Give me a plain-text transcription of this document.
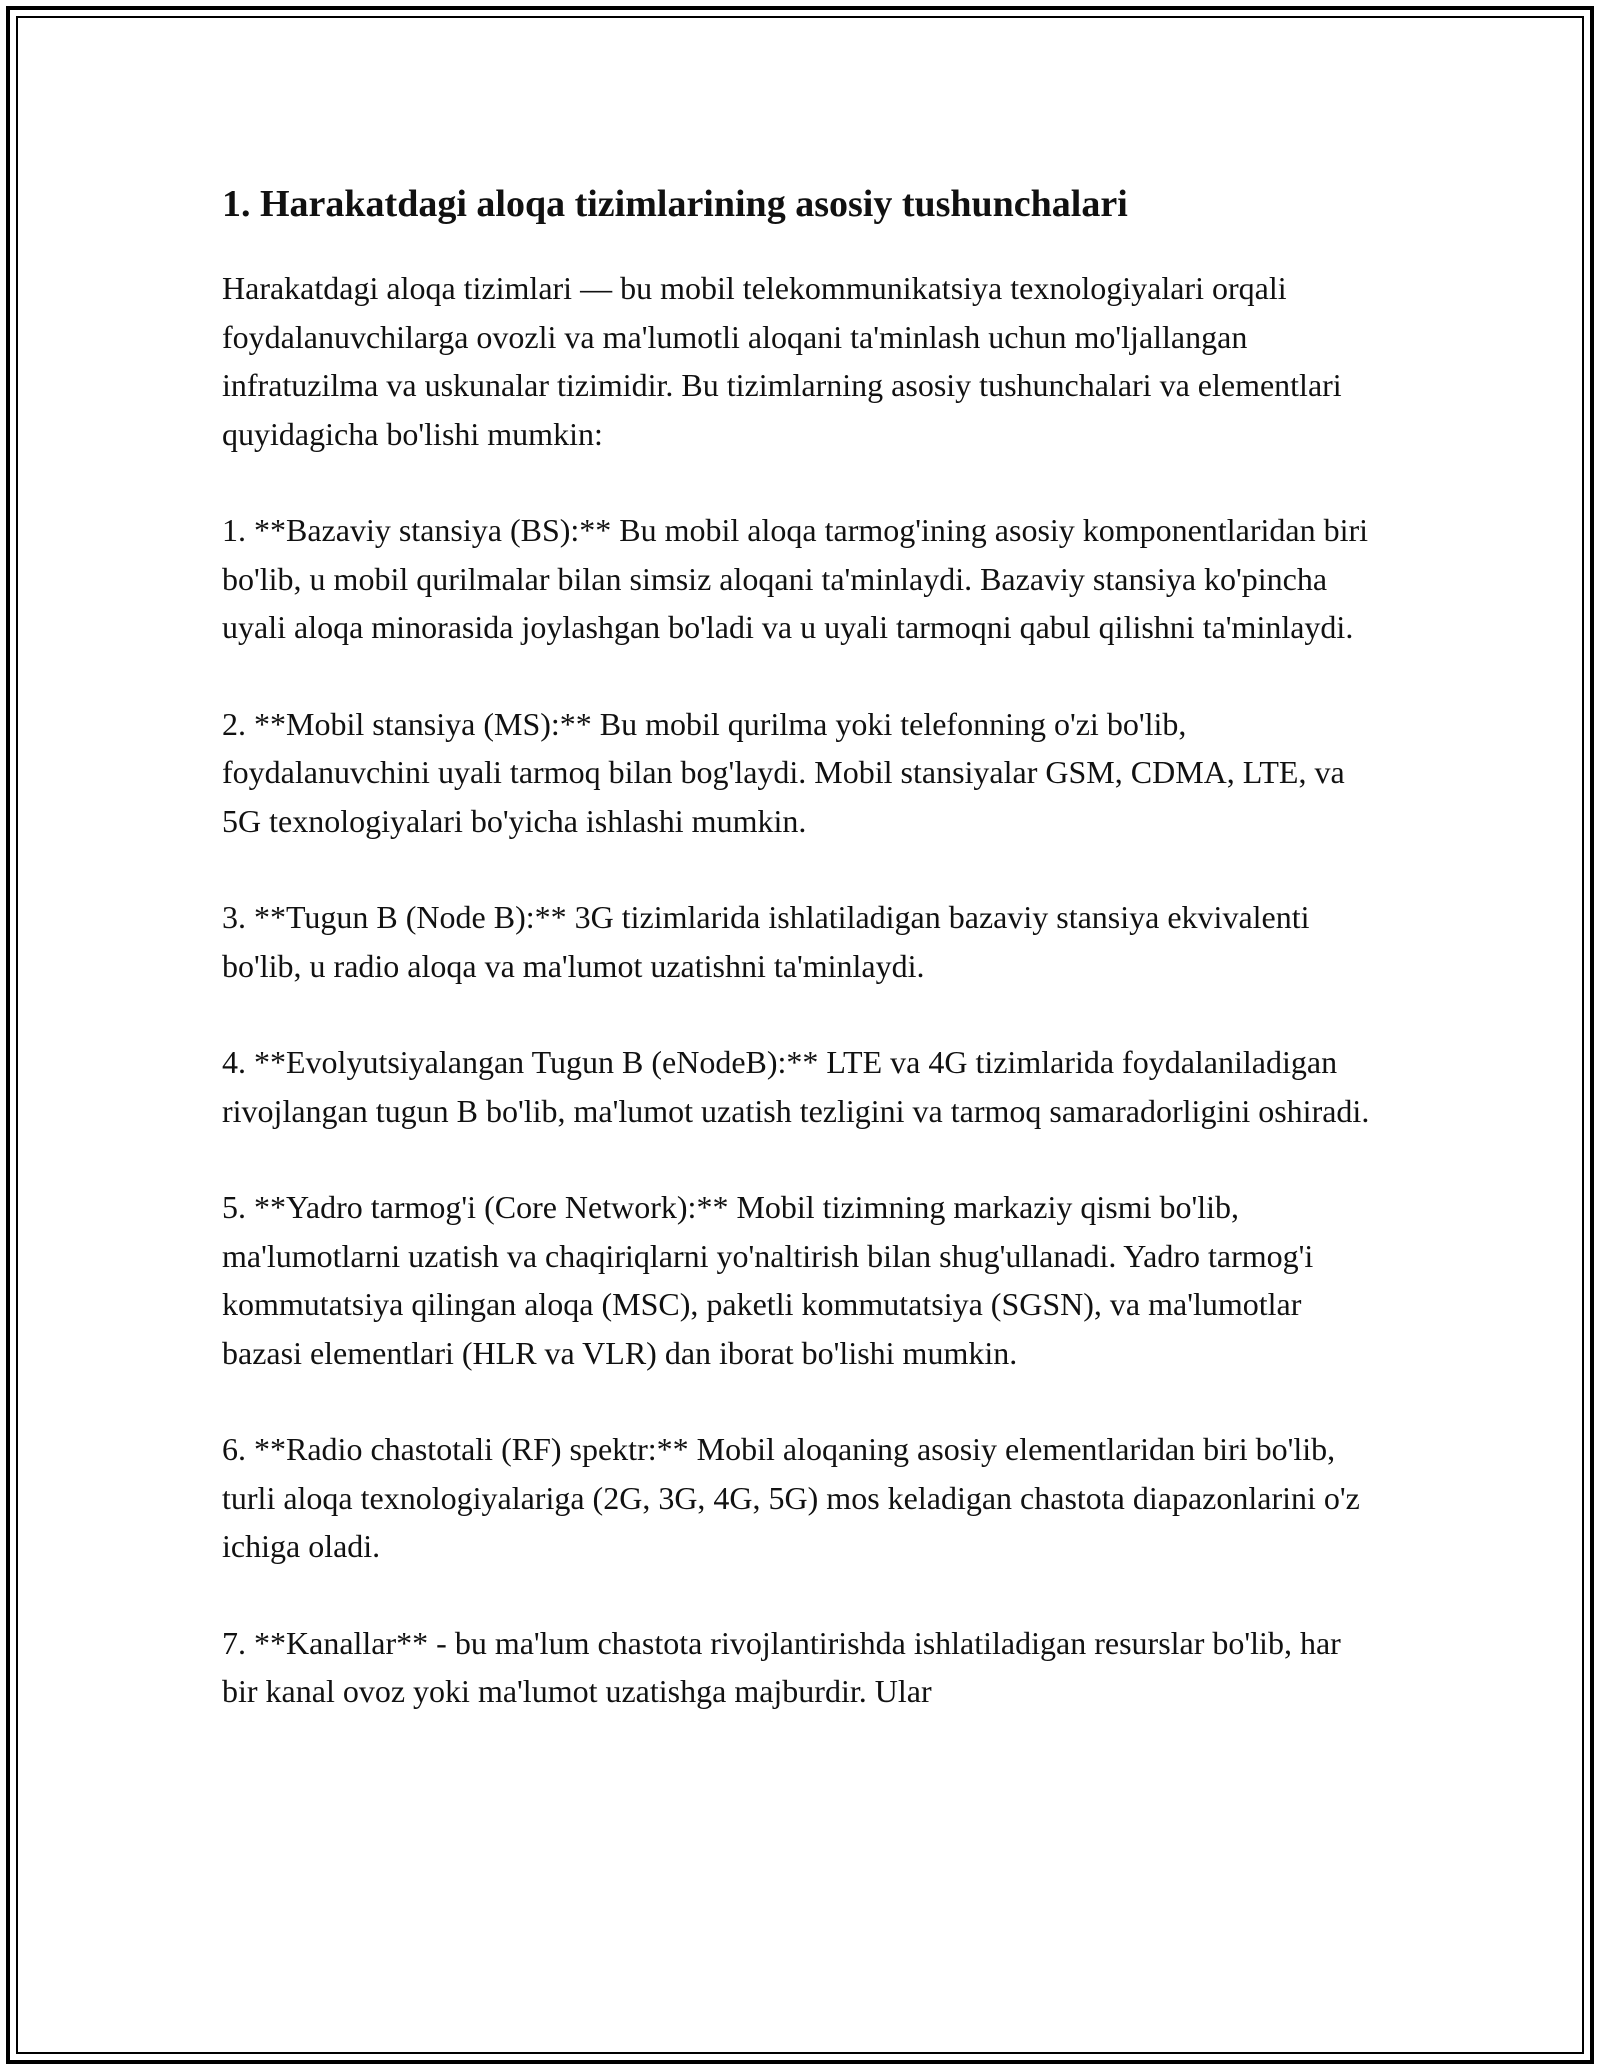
1. Harakatdagi aloqa tizimlarining asosiy tushunchalari

Harakatdagi aloqa tizimlari — bu mobil telekommunikatsiya texnologiyalari orqali foydalanuvchilarga ovozli va ma'lumotli aloqani ta'minlash uchun mo'ljallangan infratuzilma va uskunalar tizimidir. Bu tizimlarning asosiy tushunchalari va elementlari quyidagicha bo'lishi mumkin:

1. **Bazaviy stansiya (BS):** Bu mobil aloqa tarmog'ining asosiy komponentlaridan biri bo'lib, u mobil qurilmalar bilan simsiz aloqani ta'minlaydi. Bazaviy stansiya ko'pincha uyali aloqa minorasida joylashgan bo'ladi va u uyali tarmoqni qabul qilishni ta'minlaydi.

2. **Mobil stansiya (MS):** Bu mobil qurilma yoki telefonning o'zi bo'lib, foydalanuvchini uyali tarmoq bilan bog'laydi. Mobil stansiyalar GSM, CDMA, LTE, va 5G texnologiyalari bo'yicha ishlashi mumkin.

3. **Tugun B (Node B):** 3G tizimlarida ishlatiladigan bazaviy stansiya ekvivalenti bo'lib, u radio aloqa va ma'lumot uzatishni ta'minlaydi.

4. **Evolyutsiyalangan Tugun B (eNodeB):** LTE va 4G tizimlarida foydalaniladigan rivojlangan tugun B bo'lib, ma'lumot uzatish tezligini va tarmoq samaradorligini oshiradi.

5. **Yadro tarmog'i (Core Network):** Mobil tizimning markaziy qismi bo'lib, ma'lumotlarni uzatish va chaqiriqlarni yo'naltirish bilan shug'ullanadi. Yadro tarmog'i kommutatsiya qilingan aloqa (MSC), paketli kommutatsiya (SGSN), va ma'lumotlar bazasi elementlari (HLR va VLR) dan iborat bo'lishi mumkin.

6. **Radio chastotali (RF) spektr:** Mobil aloqaning asosiy elementlaridan biri bo'lib, turli aloqa texnologiyalariga (2G, 3G, 4G, 5G) mos keladigan chastota diapazonlarini o'z ichiga oladi.

7. **Kanallar** - bu ma'lum chastota rivojlantirishda ishlatiladigan resurslar bo'lib, har bir kanal ovoz yoki ma'lumot uzatishga majburdir. Ular
